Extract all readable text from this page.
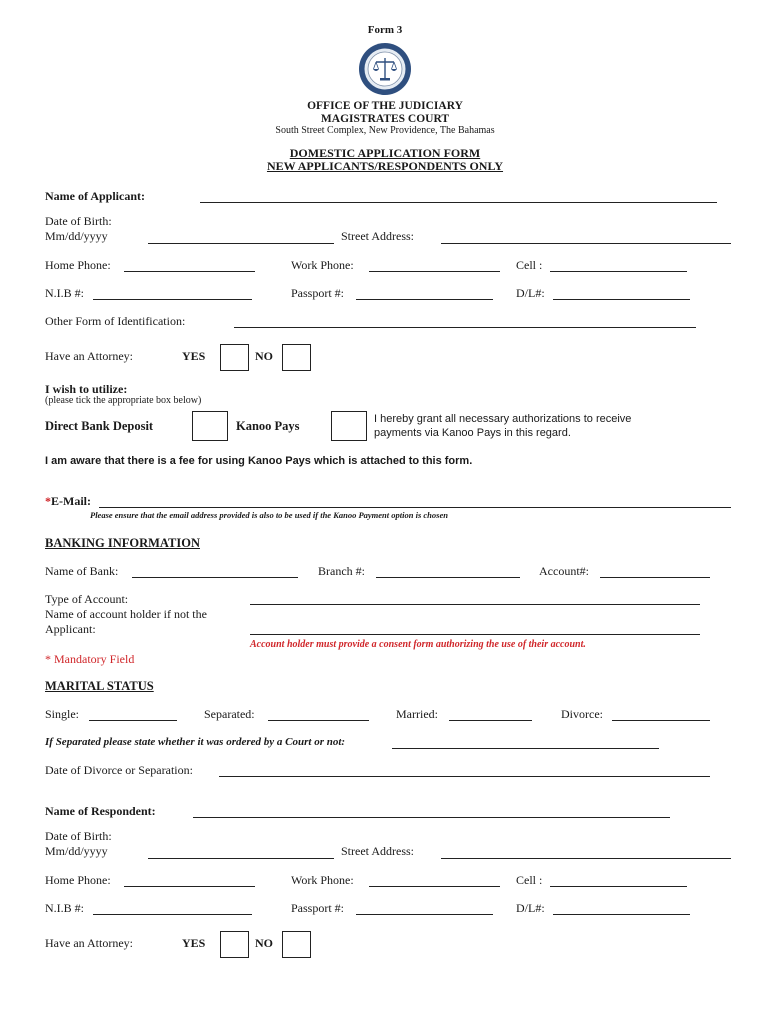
Form 3
OFFICE OF THE JUDICIARY
MAGISTRATES COURT
South Street Complex, New Providence, The Bahamas
DOMESTIC APPLICATION FORM
NEW APPLICANTS/RESPONDENTS ONLY
Name of Applicant:
Date of Birth:
Mm/dd/yyyy	Street Address:
Home Phone:	Work Phone:	Cell :
N.I.B #:	Passport #:	D/L#:
Other Form of Identification:
Have an Attorney:	YES	NO
I wish to utilize:
(please tick the appropriate box below)
Direct Bank Deposit	Kanoo Pays	I hereby grant all necessary authorizations to receive
payments via Kanoo Pays in this regard.
I am aware that there is a fee for using Kanoo Pays which is attached to this form.
*E-Mail:
Please ensure that the email address provided is also to be used if the Kanoo Payment option is chosen
BANKING INFORMATION
Name of Bank:	Branch #:	Account#:
Type of Account:
Name of account holder if not the
Applicant:
Account holder must provide a consent form authorizing the use of their account.
* Mandatory Field
MARITAL STATUS
Single:	Separated:	Married:	Divorce:
If Separated please state whether it was ordered by a Court or not:
Date of Divorce or Separation:
Name of Respondent:
Date of Birth:
Mm/dd/yyyy	Street Address:
Home Phone:	Work Phone:	Cell :
N.I.B #:	Passport #:	D/L#:
Have an Attorney:	YES	NO
